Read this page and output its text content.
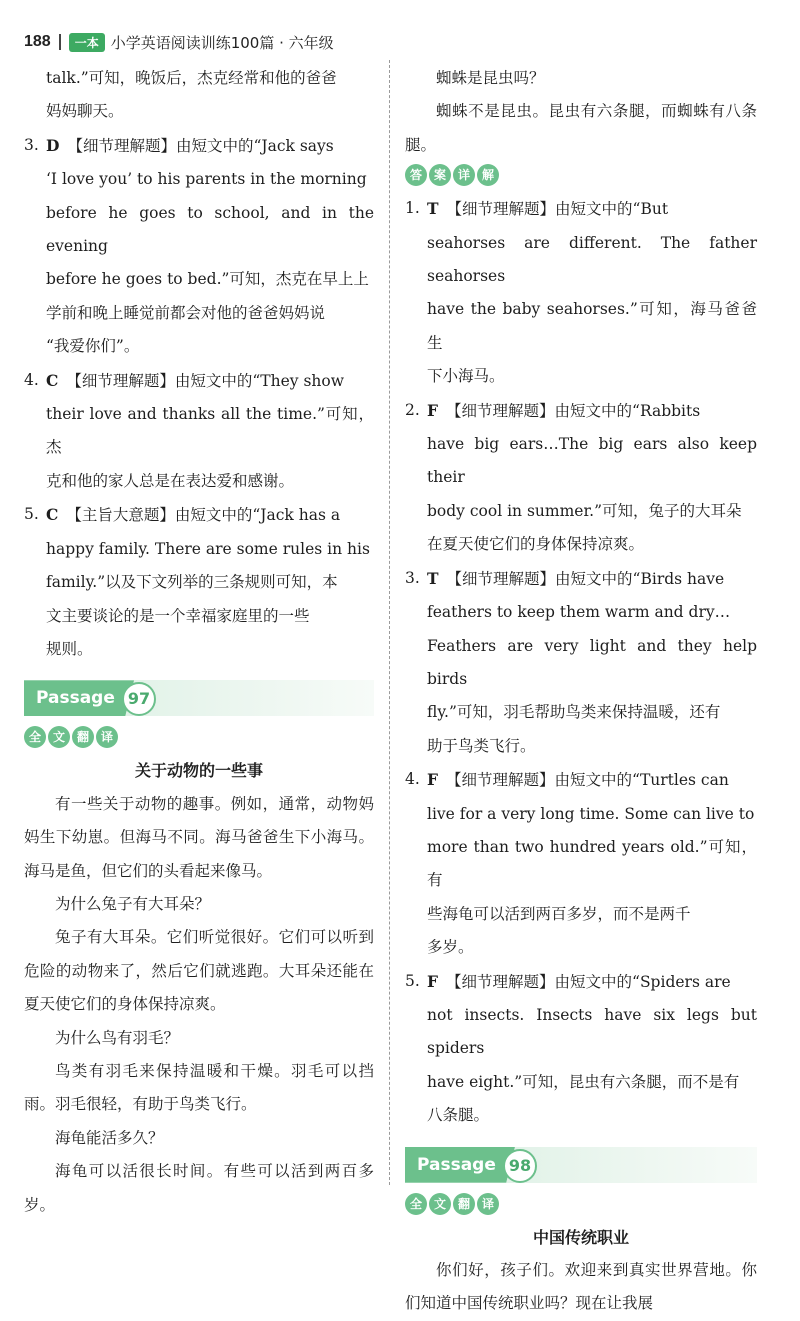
188	一本 小学英语阅读训练100篇 · 六年级

talk.”可知，晚饭后，杰克经常和他的爸爸
妈妈聊天。

3. D 【细节理解题】由短文中的“Jack says

‘I love you’ to his parents in the morning

before he goes to school, and in the evening

before he goes to bed.”可知，杰克在早上上

学前和晚上睡觉前都会对他的爸爸妈妈说

“我爱你们”。

4. C 【细节理解题】由短文中的“They show

their love and thanks all the time.”可知，杰

克和他的家人总是在表达爱和感谢。

5. C 【主旨大意题】由短文中的“Jack has a

happy family. There are some rules in his

family.”以及下文列举的三条规则可知，本

文主要谈论的是一个幸福家庭里的一些

规则。

Passage 97
全 文 翻 译

关于动物的一些事

有一些关于动物的趣事。例如，通常，动物妈妈生下幼崽。但海马不同。海马爸爸生下小海马。海马是鱼，但它们的头看起来像马。

为什么兔子有大耳朵？

兔子有大耳朵。它们听觉很好。它们可以听到危险的动物来了，然后它们就逃跑。大耳朵还能在夏天使它们的身体保持凉爽。

为什么鸟有羽毛？

鸟类有羽毛来保持温暖和干燥。羽毛可以挡雨。羽毛很轻，有助于鸟类飞行。

海龟能活多久？

海龟可以活很长时间。有些可以活到两百多岁。

蜘蛛是昆虫吗？

蜘蛛不是昆虫。昆虫有六条腿，而蜘蛛有八条腿。

答 案 详 解
1. T 【细节理解题】由短文中的“But

seahorses are different. The father seahorses

have the baby seahorses.”可知，海马爸爸生

下小海马。

2. F 【细节理解题】由短文中的“Rabbits

have big ears…The big ears also keep their

body cool in summer.”可知，兔子的大耳朵

在夏天使它们的身体保持凉爽。

3. T 【细节理解题】由短文中的“Birds have

feathers to keep them warm and dry…

Feathers are very light and they help birds

fly.”可知，羽毛帮助鸟类来保持温暖，还有

助于鸟类飞行。

4. F 【细节理解题】由短文中的“Turtles can

live for a very long time. Some can live to

more than two hundred years old.”可知，有

些海龟可以活到两百多岁，而不是两千

多岁。

5. F 【细节理解题】由短文中的“Spiders are

not insects. Insects have six legs but spiders

have eight.”可知，昆虫有六条腿，而不是有

八条腿。

Passage 98
全 文 翻 译

中国传统职业

你们好，孩子们。欢迎来到真实世界营地。你们知道中国传统职业吗？现在让我展
